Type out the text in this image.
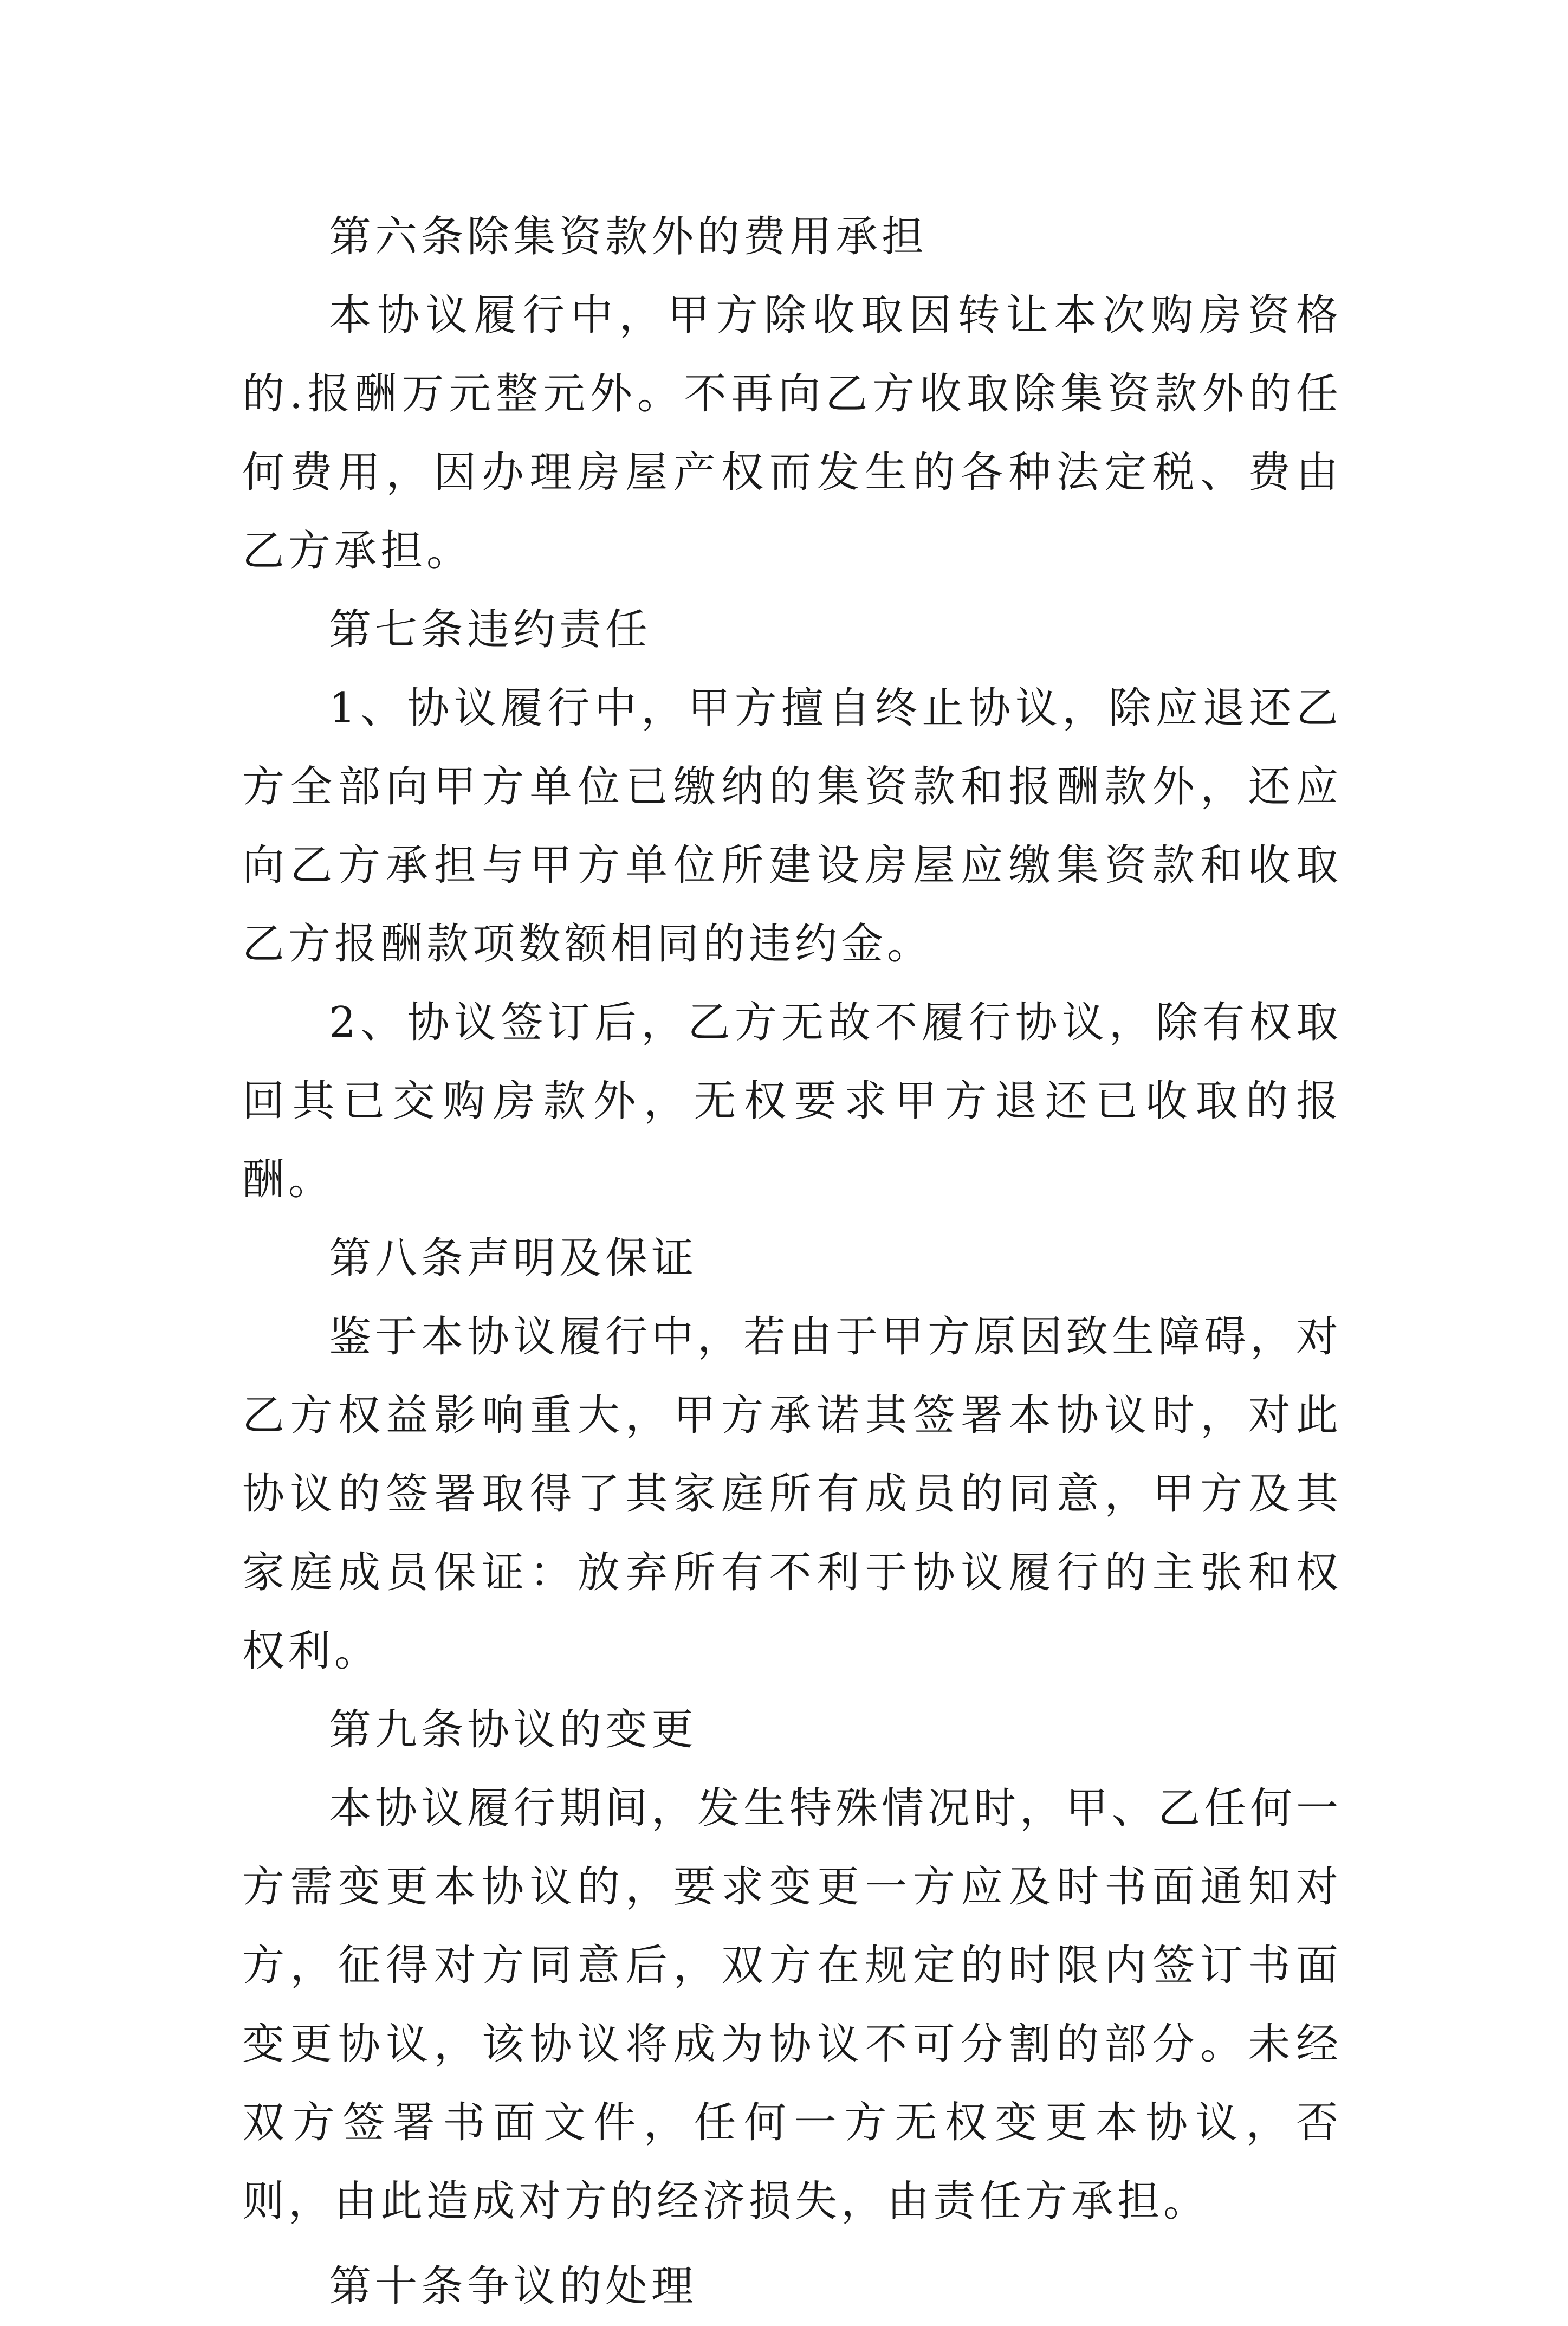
第六条除集资款外的费用承担

本协议履行中，甲方除收取因转让本次购房资格的.报酬万元整元外。不再向乙方收取除集资款外的任何费用，因办理房屋产权而发生的各种法定税、费由乙方承担。

第七条违约责任

1、协议履行中，甲方擅自终止协议，除应退还乙方全部向甲方单位已缴纳的集资款和报酬款外，还应向乙方承担与甲方单位所建设房屋应缴集资款和收取乙方报酬款项数额相同的违约金。

2、协议签订后，乙方无故不履行协议，除有权取回其已交购房款外，无权要求甲方退还已收取的报酬。

第八条声明及保证

鉴于本协议履行中，若由于甲方原因致生障碍，对乙方权益影响重大，甲方承诺其签署本协议时，对此协议的签署取得了其家庭所有成员的同意，甲方及其家庭成员保证：放弃所有不利于协议履行的主张和权权利。

第九条协议的变更

本协议履行期间，发生特殊情况时，甲、乙任何一方需变更本协议的，要求变更一方应及时书面通知对方，征得对方同意后，双方在规定的时限内签订书面变更协议，该协议将成为协议不可分割的部分。未经双方签署书面文件，任何一方无权变更本协议，否则，由此造成对方的经济损失，由责任方承担。

第十条争议的处理
